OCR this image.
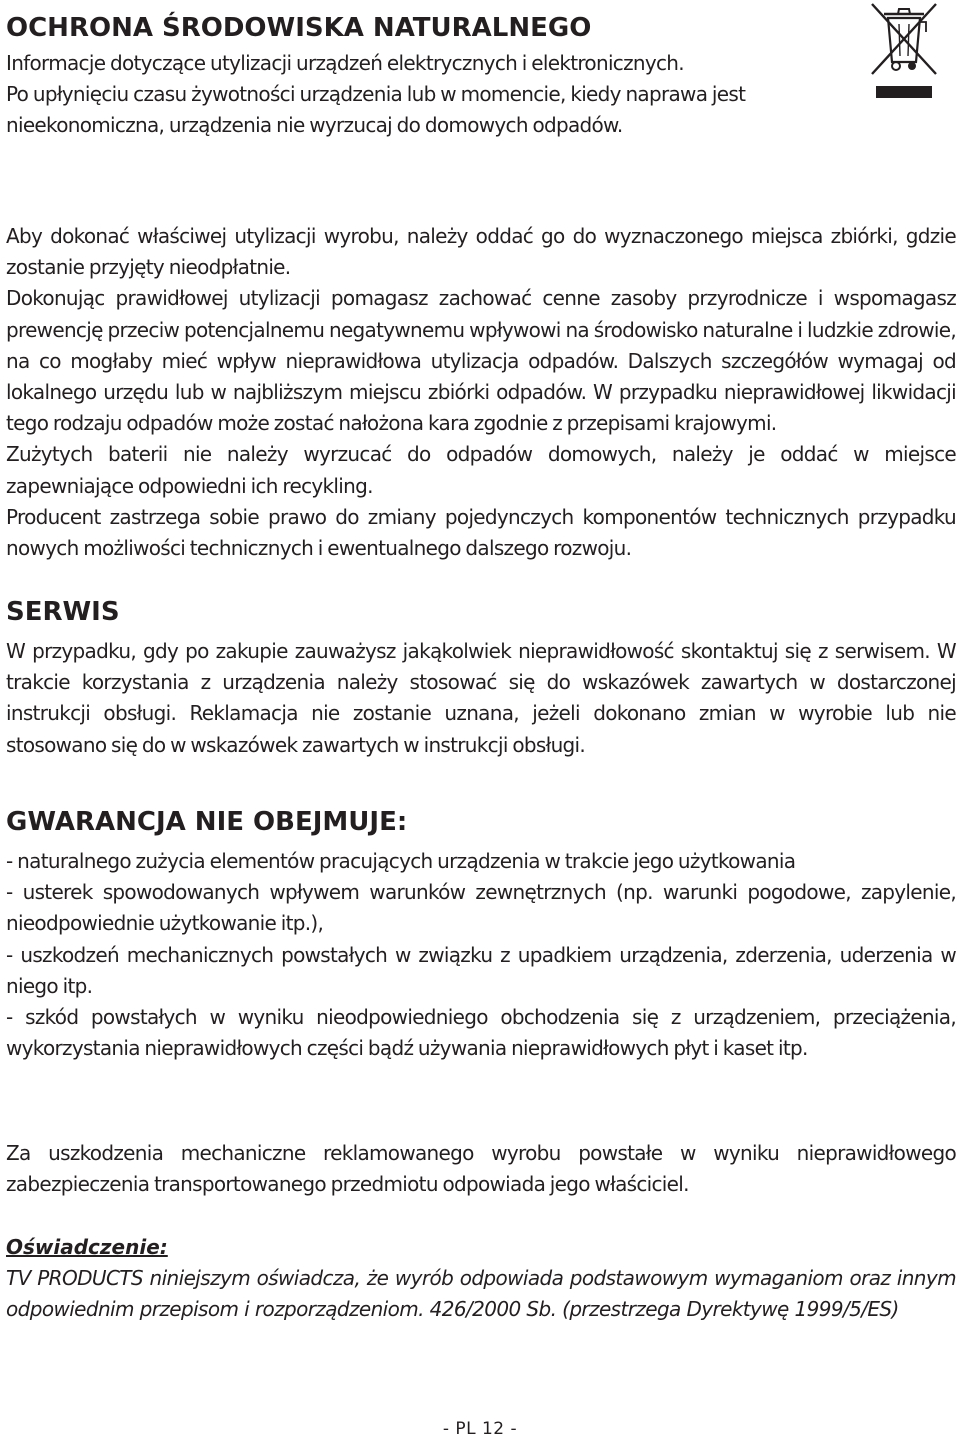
OCHRONA ŚRODOWISKA NATURALNEGO

Informacje dotyczące utylizacji urządzeń elektrycznych i elektronicznych.
Po upłynięciu czasu żywotności urządzenia lub w momencie, kiedy naprawa jest
nieekonomiczna, urządzenia nie wyrzucaj do domowych odpadów.

Aby dokonać właściwej utylizacji wyrobu, należy oddać go do wyznaczonego miejsca zbiórki, gdzie zostanie przyjęty nieodpłatnie.

Dokonując prawidłowej utylizacji pomagasz zachować cenne zasoby przyrodnicze i wspomagasz prewencję przeciw potencjalnemu negatywnemu wpływowi na środowisko naturalne i ludzkie zdrowie, na co mogłaby mieć wpływ nieprawidłowa utylizacja odpadów. Dalszych szczegółów wymagaj od lokalnego urzędu lub w najbliższym miejscu zbiórki odpadów. W przypadku nieprawidłowej likwidacji tego rodzaju odpadów może zostać nałożona kara zgodnie z przepisami krajowymi.

Zużytych baterii nie należy wyrzucać do odpadów domowych, należy je oddać w miejsce zapewniające odpowiedni ich recykling.

Producent zastrzega sobie prawo do zmiany pojedynczych komponentów technicznych przypadku nowych możliwości technicznych i ewentualnego dalszego rozwoju.

SERWIS

W przypadku, gdy po zakupie zauważysz jakąkolwiek nieprawidłowość skontaktuj się z serwisem. W trakcie korzystania z urządzenia należy stosować się do wskazówek zawartych w dostarczonej instrukcji obsługi. Reklamacja nie zostanie uznana, jeżeli dokonano zmian w wyrobie lub nie stosowano się do w wskazówek zawartych w instrukcji obsługi.

GWARANCJA NIE OBEJMUJE:

- naturalnego zużycia elementów pracujących urządzenia w trakcie jego użytkowania

- usterek spowodowanych wpływem warunków zewnętrznych (np. warunki pogodowe, zapylenie, nieodpowiednie użytkowanie itp.),

- uszkodzeń mechanicznych powstałych w związku z upadkiem urządzenia, zderzenia, uderzenia w niego itp.

- szkód powstałych w wyniku nieodpowiedniego obchodzenia się z urządzeniem, przeciążenia, wykorzystania nieprawidłowych części bądź używania nieprawidłowych płyt i kaset itp.

Za uszkodzenia mechaniczne reklamowanego wyrobu powstałe w wyniku nieprawidłowego zabezpieczenia transportowanego przedmiotu odpowiada jego właściciel.

Oświadczenie:

TV PRODUCTS niniejszym oświadcza, że wyrób odpowiada podstawowym wymaganiom oraz innym odpowiednim przepisom i rozporządzeniom. 426/2000 Sb. (przestrzega Dyrektywę 1999/5/ES)

- PL 12 -
